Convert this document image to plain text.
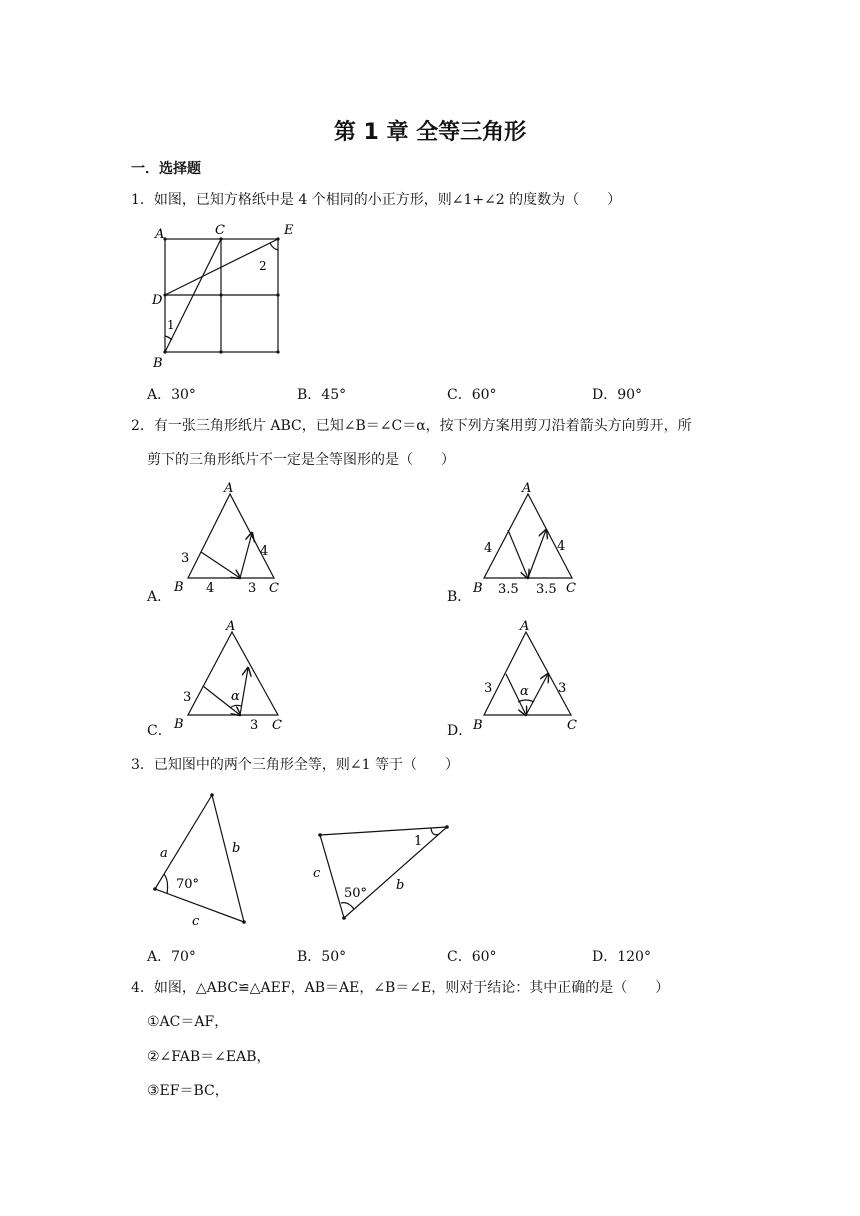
第 1 章 全等三角形
一．选择题
1．如图，已知方格纸中是 4 个相同的小正方形，则∠1+∠2 的度数为（　　）
A	C	E
D
B
1
2
A．30°	B．45°	C．60°	D．90°
2．有一张三角形纸片 ABC，已知∠B＝∠C＝α，按下列方案用剪刀沿着箭头方向剪开，所
剪下的三角形纸片不一定是全等图形的是（　　）
A．
A
B	C
3
4
4
3
B．
A
B	C
4	4
3.5 3.5
C．
A
B	C
3
3
α
D．
A
B	C
3	3
α
3．已知图中的两个三角形全等，则∠1 等于（　　）
a	b
c
70°
c
b
50°
1
A．70°	B．50°	C．60°	D．120°
4．如图，△ABC≌△AEF，AB＝AE，∠B＝∠E，则对于结论：其中正确的是（　　）
①AC＝AF，
②∠FAB＝∠EAB，
③EF＝BC，
